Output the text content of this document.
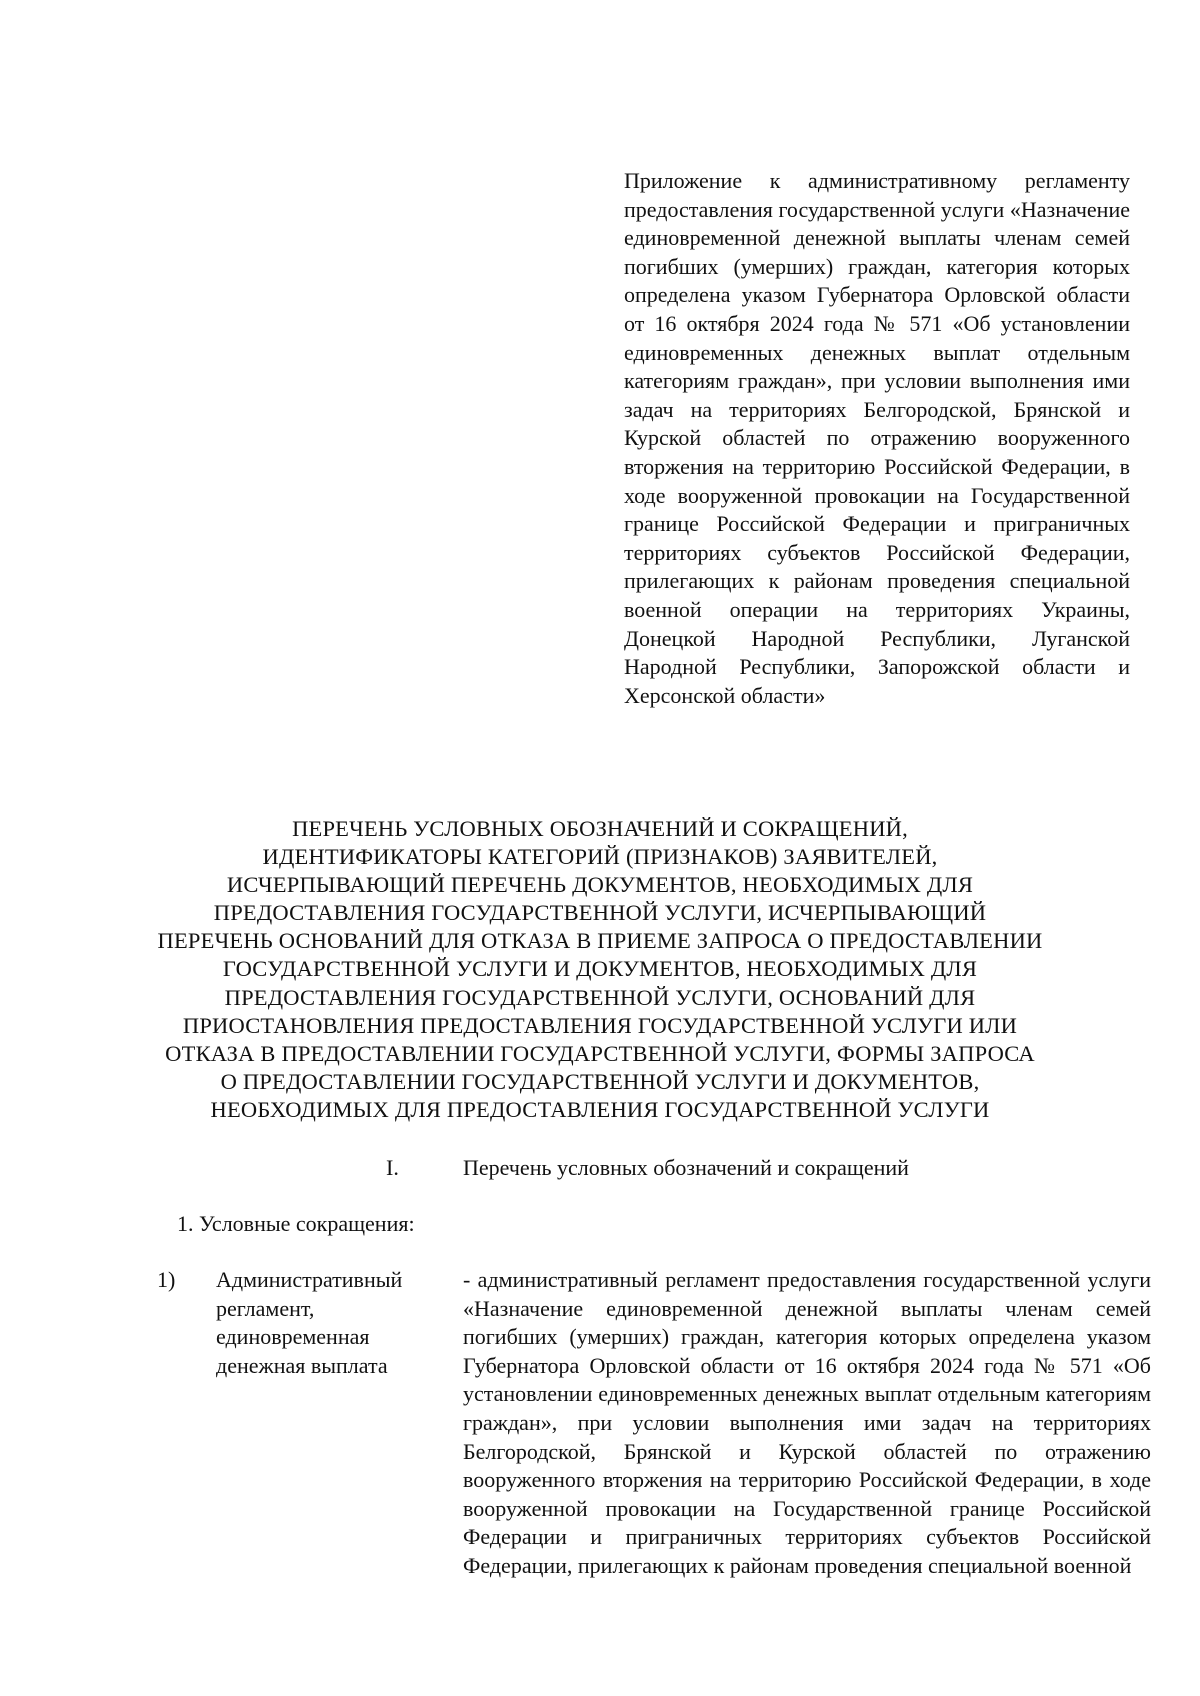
Приложение к административному регламенту предоставления государственной услуги «Назначение единовременной денежной выплаты членам семей погибших (умерших) граждан, категория которых определена указом Губернатора Орловской области от 16 октября 2024 года № 571 «Об установлении единовременных денежных выплат отдельным категориям граждан», при условии выполнения ими задач на территориях Белгородской, Брянской и Курской областей по отражению вооруженного вторжения на территорию Российской Федерации, в ходе вооруженной провокации на Государственной границе Российской Федерации и приграничных территориях субъектов Российской Федерации, прилегающих к районам проведения специальной военной операции на территориях Украины, Донецкой Народной Республики, Луганской Народной Республики, Запорожской области и Херсонской области»
ПЕРЕЧЕНЬ УСЛОВНЫХ ОБОЗНАЧЕНИЙ И СОКРАЩЕНИЙ,
ИДЕНТИФИКАТОРЫ КАТЕГОРИЙ (ПРИЗНАКОВ) ЗАЯВИТЕЛЕЙ,
ИСЧЕРПЫВАЮЩИЙ ПЕРЕЧЕНЬ ДОКУМЕНТОВ, НЕОБХОДИМЫХ ДЛЯ
ПРЕДОСТАВЛЕНИЯ ГОСУДАРСТВЕННОЙ УСЛУГИ, ИСЧЕРПЫВАЮЩИЙ
ПЕРЕЧЕНЬ ОСНОВАНИЙ ДЛЯ ОТКАЗА В ПРИЕМЕ ЗАПРОСА О ПРЕДОСТАВЛЕНИИ
ГОСУДАРСТВЕННОЙ УСЛУГИ И ДОКУМЕНТОВ, НЕОБХОДИМЫХ ДЛЯ
ПРЕДОСТАВЛЕНИЯ ГОСУДАРСТВЕННОЙ УСЛУГИ, ОСНОВАНИЙ ДЛЯ
ПРИОСТАНОВЛЕНИЯ ПРЕДОСТАВЛЕНИЯ ГОСУДАРСТВЕННОЙ УСЛУГИ ИЛИ
ОТКАЗА В ПРЕДОСТАВЛЕНИИ ГОСУДАРСТВЕННОЙ УСЛУГИ, ФОРМЫ ЗАПРОСА
О ПРЕДОСТАВЛЕНИИ ГОСУДАРСТВЕННОЙ УСЛУГИ И ДОКУМЕНТОВ,
НЕОБХОДИМЫХ ДЛЯ ПРЕДОСТАВЛЕНИЯ ГОСУДАРСТВЕННОЙ УСЛУГИ
I.	Перечень условных обозначений и сокращений
1. Условные сокращения:
1) Административный регламент, единовременная денежная выплата
- административный регламент предоставления государственной услуги «Назначение единовременной денежной выплаты членам семей погибших (умерших) граждан, категория которых определена указом Губернатора Орловской области от 16 октября 2024 года № 571 «Об установлении единовременных денежных выплат отдельным категориям граждан», при условии выполнения ими задач на территориях Белгородской, Брянской и Курской областей по отражению вооруженного вторжения на территорию Российской Федерации, в ходе вооруженной провокации на Государственной границе Российской Федерации и приграничных территориях субъектов Российской Федерации, прилегающих к районам проведения специальной военной
